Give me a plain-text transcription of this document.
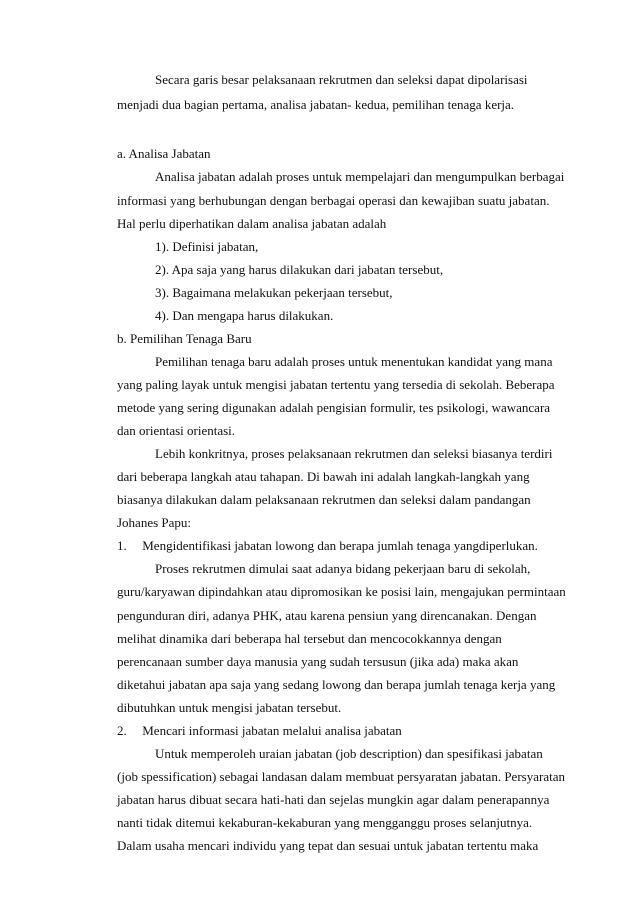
Secara garis besar pelaksanaan rekrutmen dan seleksi dapat dipolarisasi
menjadi dua bagian pertama, analisa jabatan- kedua, pemilihan tenaga kerja.
a. Analisa Jabatan
Analisa jabatan adalah proses untuk mempelajari dan mengumpulkan berbagai
informasi yang berhubungan dengan berbagai operasi dan kewajiban suatu jabatan.
Hal perlu diperhatikan dalam analisa jabatan adalah
1). Definisi jabatan,
2). Apa saja yang harus dilakukan dari jabatan tersebut,
3). Bagaimana melakukan pekerjaan tersebut,
4). Dan mengapa harus dilakukan.
b. Pemilihan Tenaga Baru
Pemilihan tenaga baru adalah proses untuk menentukan kandidat yang mana
yang paling layak untuk mengisi jabatan tertentu yang tersedia di sekolah. Beberapa
metode yang sering digunakan adalah pengisian formulir, tes psikologi, wawancara
dan orientasi orientasi.
Lebih konkritnya, proses pelaksanaan rekrutmen dan seleksi biasanya terdiri
dari beberapa langkah atau tahapan. Di bawah ini adalah langkah-langkah yang
biasanya dilakukan dalam pelaksanaan rekrutmen dan seleksi dalam pandangan
Johanes Papu:
1. Mengidentifikasi jabatan lowong dan berapa jumlah tenaga yangdiperlukan.
Proses rekrutmen dimulai saat adanya bidang pekerjaan baru di sekolah,
guru/karyawan dipindahkan atau dipromosikan ke posisi lain, mengajukan permintaan
pengunduran diri, adanya PHK, atau karena pensiun yang direncanakan. Dengan
melihat dinamika dari beberapa hal tersebut dan mencocokkannya dengan
perencanaan sumber daya manusia yang sudah tersusun (jika ada) maka akan
diketahui jabatan apa saja yang sedang lowong dan berapa jumlah tenaga kerja yang
dibutuhkan untuk mengisi jabatan tersebut.
2. Mencari informasi jabatan melalui analisa jabatan
Untuk memperoleh uraian jabatan (job description) dan spesifikasi jabatan
(job spessification) sebagai landasan dalam membuat persyaratan jabatan. Persyaratan
jabatan harus dibuat secara hati-hati dan sejelas mungkin agar dalam penerapannya
nanti tidak ditemui kekaburan-kekaburan yang mengganggu proses selanjutnya.
Dalam usaha mencari individu yang tepat dan sesuai untuk jabatan tertentu maka
